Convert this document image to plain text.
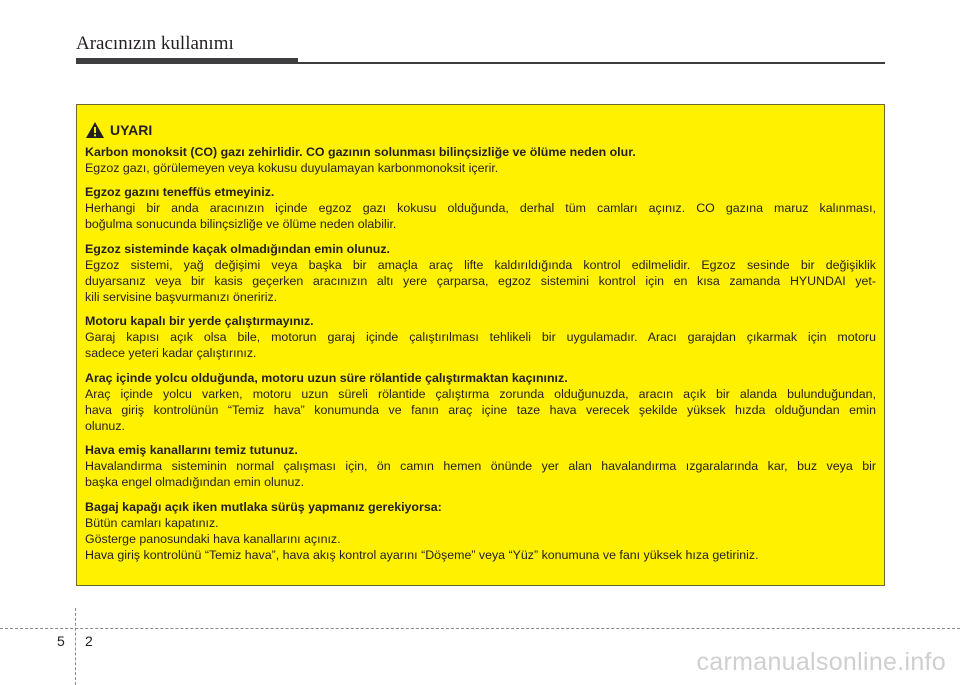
Aracınızın kullanımı
UYARI
Karbon monoksit (CO) gazı zehirlidir. CO gazının solunması bilinçsizliğe ve ölüme neden olur.
Egzoz gazı, görülemeyen veya kokusu duyulamayan karbonmonoksit içerir.
Egzoz gazını teneffüs etmeyiniz.
Herhangi bir anda aracınızın içinde egzoz gazı kokusu olduğunda, derhal tüm camları açınız. CO gazına maruz kalınması,
boğulma sonucunda bilinçsizliğe ve ölüme neden olabilir.
Egzoz sisteminde kaçak olmadığından emin olunuz.
Egzoz sistemi, yağ değişimi veya başka bir amaçla araç lifte kaldırıldığında kontrol edilmelidir. Egzoz sesinde bir değişiklik
duyarsanız veya bir kasis geçerken aracınızın altı yere çarparsa, egzoz sistemini kontrol için en kısa zamanda HYUNDAI yet-
kili servisine başvurmanızı öneririz.
Motoru kapalı bir yerde çalıştırmayınız.
Garaj kapısı açık olsa bile, motorun garaj içinde çalıştırılması tehlikeli bir uygulamadır. Aracı garajdan çıkarmak için motoru
sadece yeteri kadar çalıştırınız.
Araç içinde yolcu olduğunda, motoru uzun süre rölantide çalıştırmaktan kaçınınız.
Araç içinde yolcu varken, motoru uzun süreli rölantide çalıştırma zorunda olduğunuzda, aracın açık bir alanda bulunduğundan,
hava giriş kontrolünün “Temiz hava” konumunda ve fanın araç içine taze hava verecek şekilde yüksek hızda olduğundan emin
olunuz.
Hava emiş kanallarını temiz tutunuz.
Havalandırma sisteminin normal çalışması için, ön camın hemen önünde yer alan havalandırma ızgaralarında kar, buz veya bir
başka engel olmadığından emin olunuz.
Bagaj kapağı açık iken mutlaka sürüş yapmanız gerekiyorsa:
Bütün camları kapatınız.
Gösterge panosundaki hava kanallarını açınız.
Hava giriş kontrolünü “Temiz hava”, hava akış kontrol ayarını “Döşeme” veya “Yüz” konumuna ve fanı yüksek hıza getiriniz.
5 2
carmanualsonline.info
